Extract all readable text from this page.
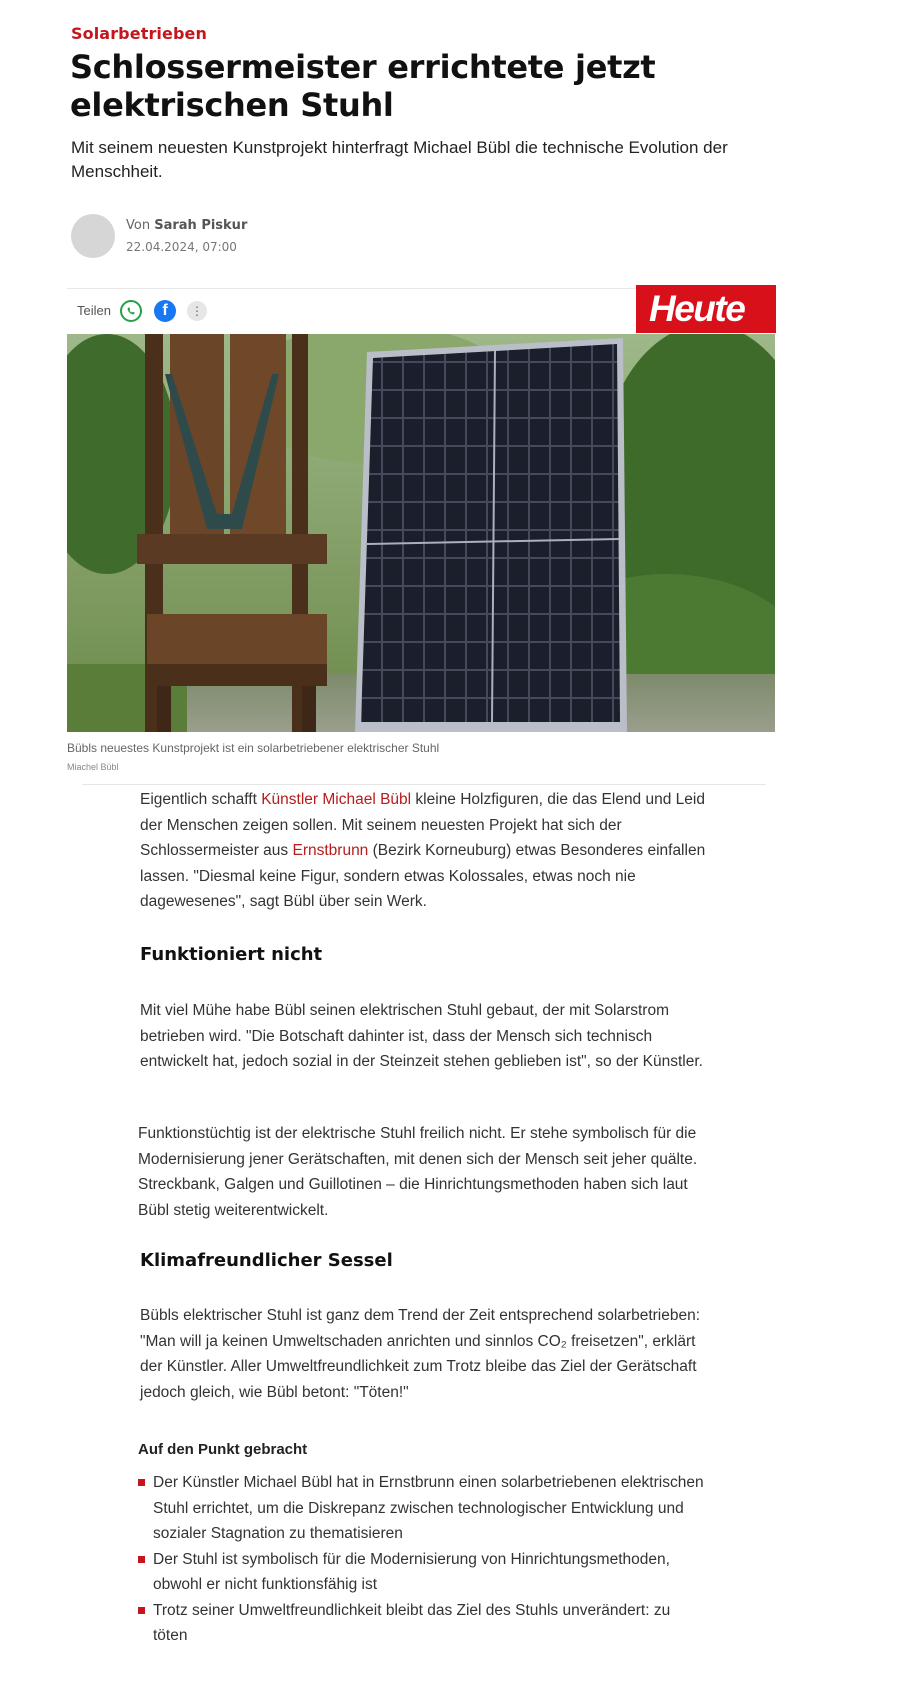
Solarbetrieben
Schlossermeister errichtete jetzt elektrischen Stuhl
Mit seinem neuesten Kunstprojekt hinterfragt Michael Bübl die technische Evolution der Menschheit.
Von Sarah Piskur
22.04.2024, 07:00
Teilen	f	⋮	Heute
Bübls neuestes Kunstprojekt ist ein solarbetriebener elektrischer Stuhl
Miachel Bübl
Eigentlich schafft Künstler Michael Bübl kleine Holzfiguren, die das Elend und Leid der Menschen zeigen sollen. Mit seinem neuesten Projekt hat sich der Schlossermeister aus Ernstbrunn (Bezirk Korneuburg) etwas Besonderes einfallen lassen. "Diesmal keine Figur, sondern etwas Kolossales, etwas noch nie dagewesenes", sagt Bübl über sein Werk.
Funktioniert nicht
Mit viel Mühe habe Bübl seinen elektrischen Stuhl gebaut, der mit Solarstrom betrieben wird. "Die Botschaft dahinter ist, dass der Mensch sich technisch entwickelt hat, jedoch sozial in der Steinzeit stehen geblieben ist", so der Künstler.
Funktionstüchtig ist der elektrische Stuhl freilich nicht. Er stehe symbolisch für die Modernisierung jener Gerätschaften, mit denen sich der Mensch seit jeher quälte. Streckbank, Galgen und Guillotinen – die Hinrichtungsmethoden haben sich laut Bübl stetig weiterentwickelt.
Klimafreundlicher Sessel
Bübls elektrischer Stuhl ist ganz dem Trend der Zeit entsprechend solarbetrieben: "Man will ja keinen Umweltschaden anrichten und sinnlos CO₂ freisetzen", erklärt der Künstler. Aller Umweltfreundlichkeit zum Trotz bleibe das Ziel der Gerätschaft jedoch gleich, wie Bübl betont: "Töten!"
Auf den Punkt gebracht
Der Künstler Michael Bübl hat in Ernstbrunn einen solarbetriebenen elektrischen Stuhl errichtet, um die Diskrepanz zwischen technologischer Entwicklung und sozialer Stagnation zu thematisieren
Der Stuhl ist symbolisch für die Modernisierung von Hinrichtungsmethoden, obwohl er nicht funktionsfähig ist
Trotz seiner Umweltfreundlichkeit bleibt das Ziel des Stuhls unverändert: zu töten
